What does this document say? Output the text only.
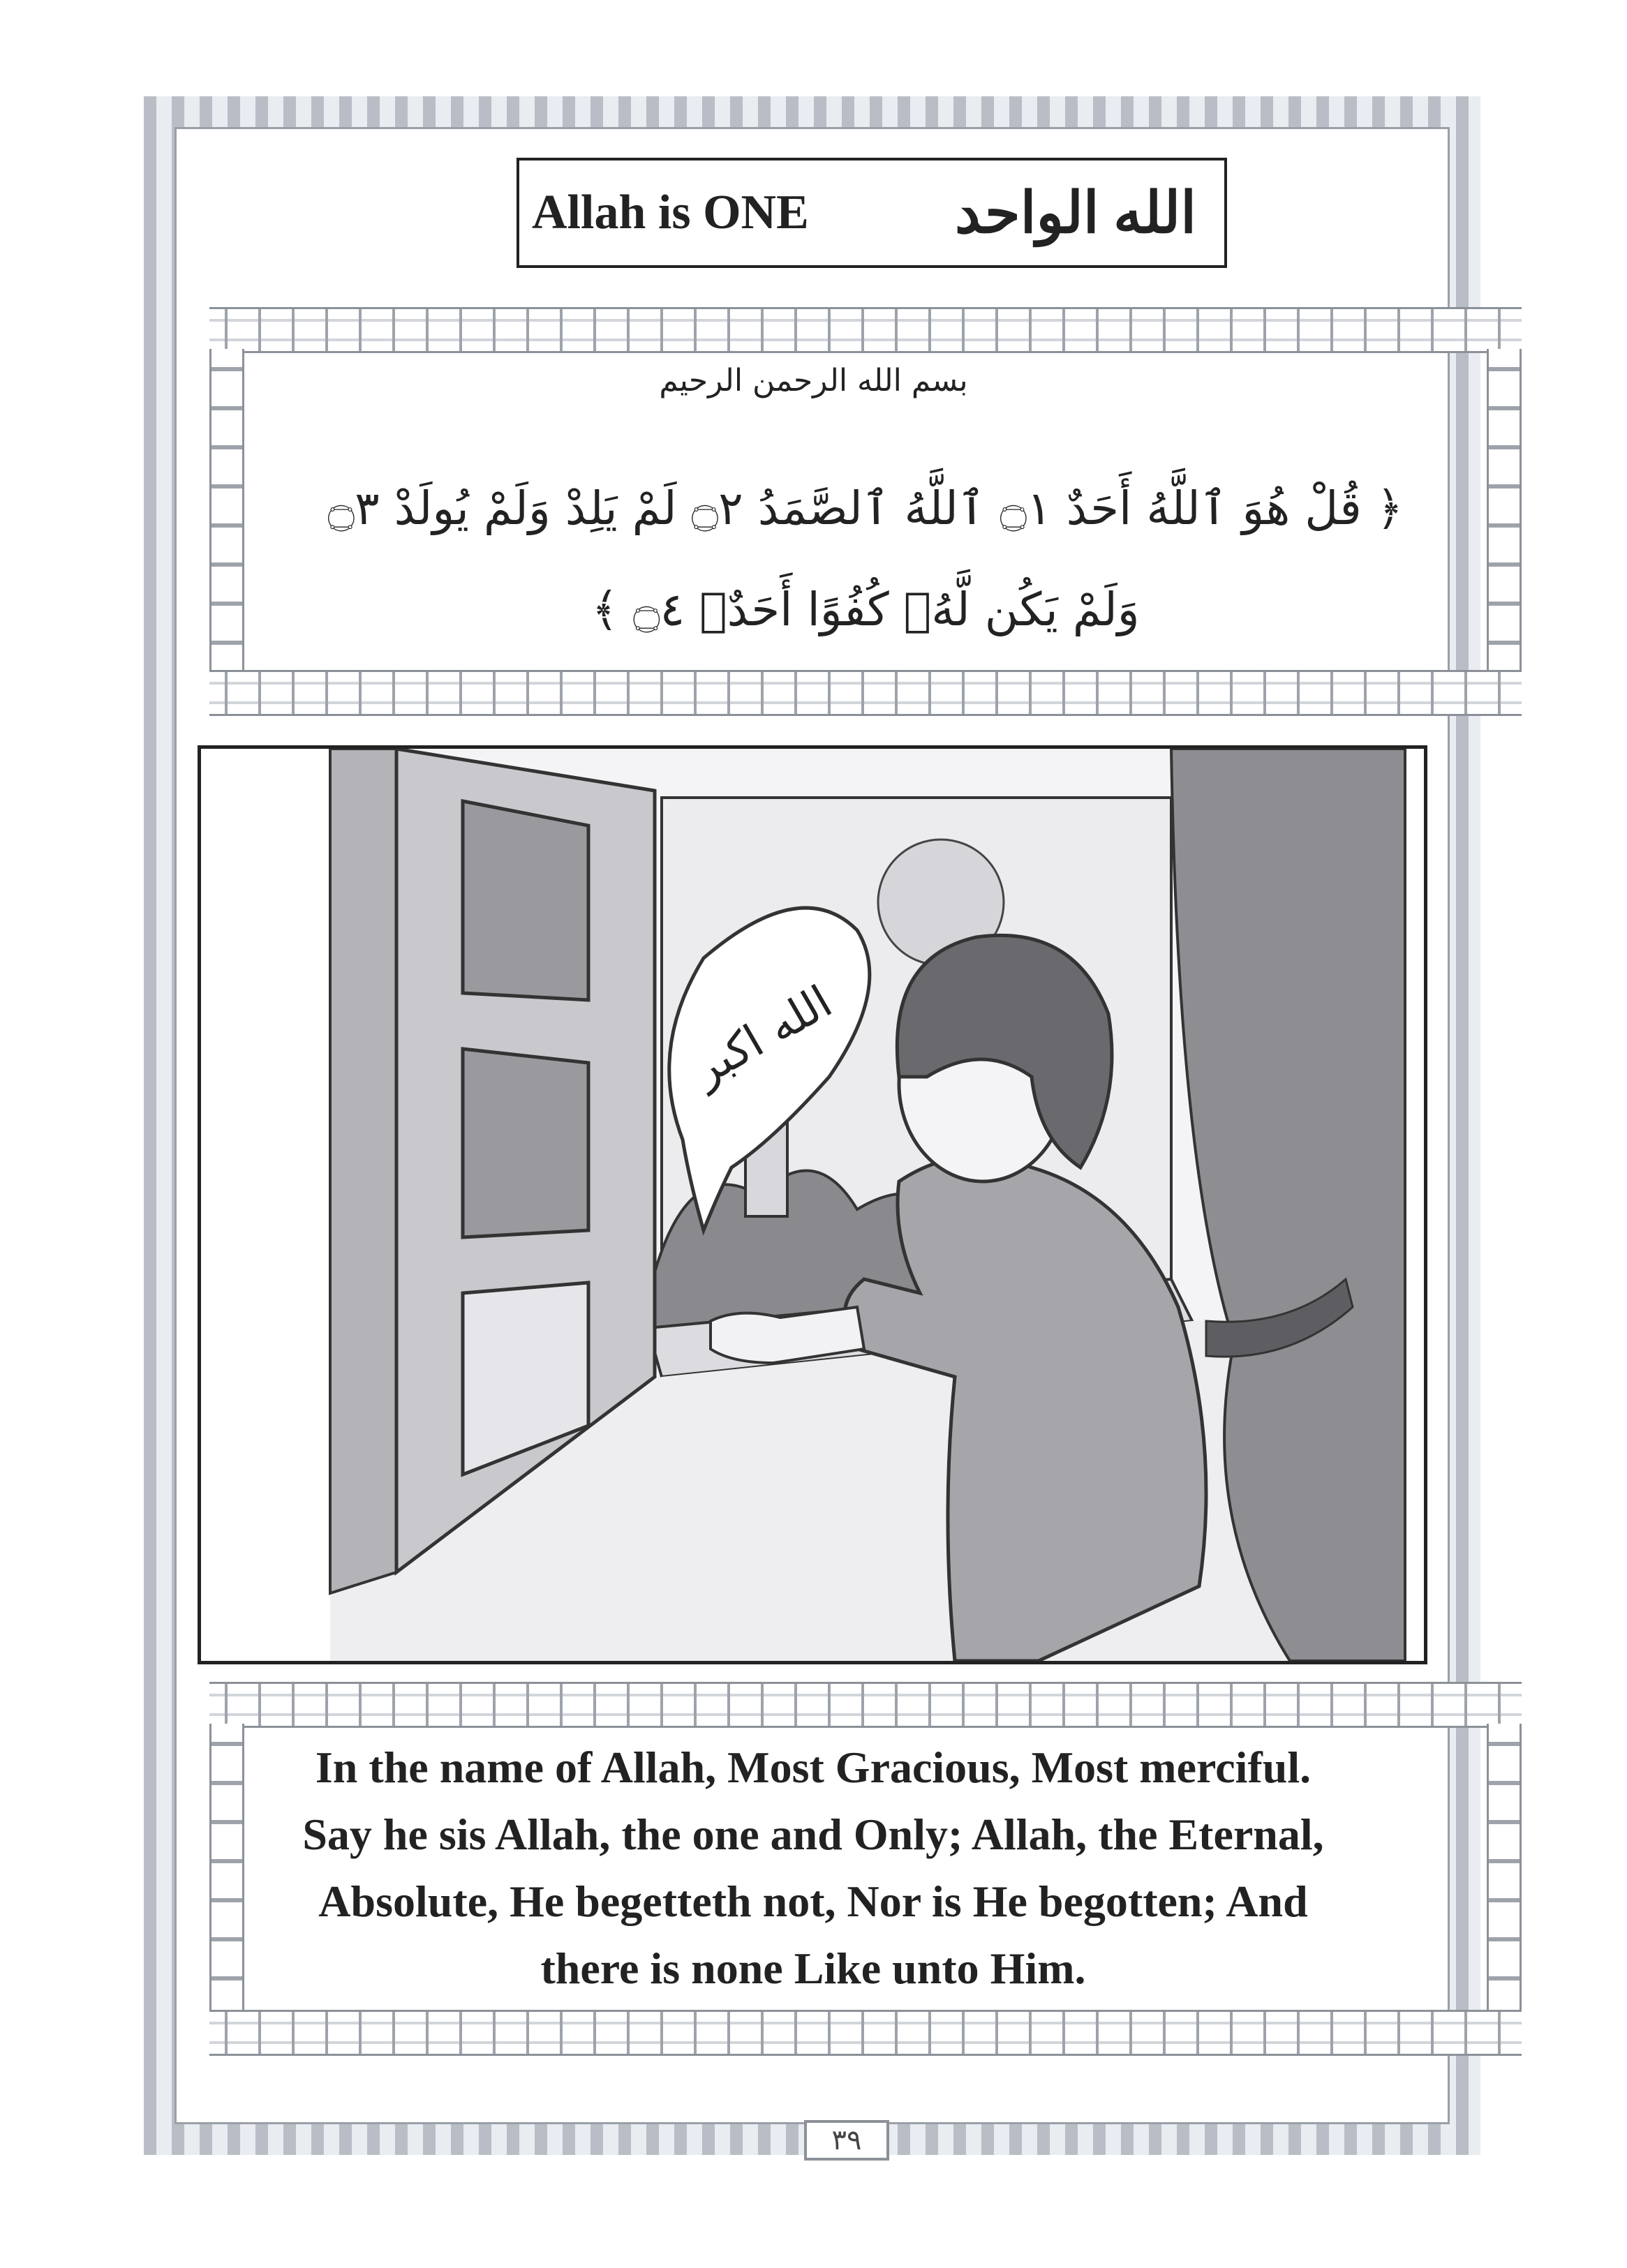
Allah is ONE	الله الواحد
بسم الله الرحمن الرحيم
﴿ قُلْ هُوَ ٱللَّهُ أَحَدٌ ۝١ ٱللَّهُ ٱلصَّمَدُ ۝٢ لَمْ يَلِدْ وَلَمْ يُولَدْ ۝٣
وَلَمْ يَكُن لَّهُۥ كُفُوًا أَحَدٌۢ ۝٤ ﴾
الله اكبر
In the name of Allah, Most Gracious, Most merciful.
Say he sis Allah, the one and Only; Allah, the Eternal,
Absolute, He begetteth not, Nor is He begotten; And
there is none Like unto Him.
٣٩
